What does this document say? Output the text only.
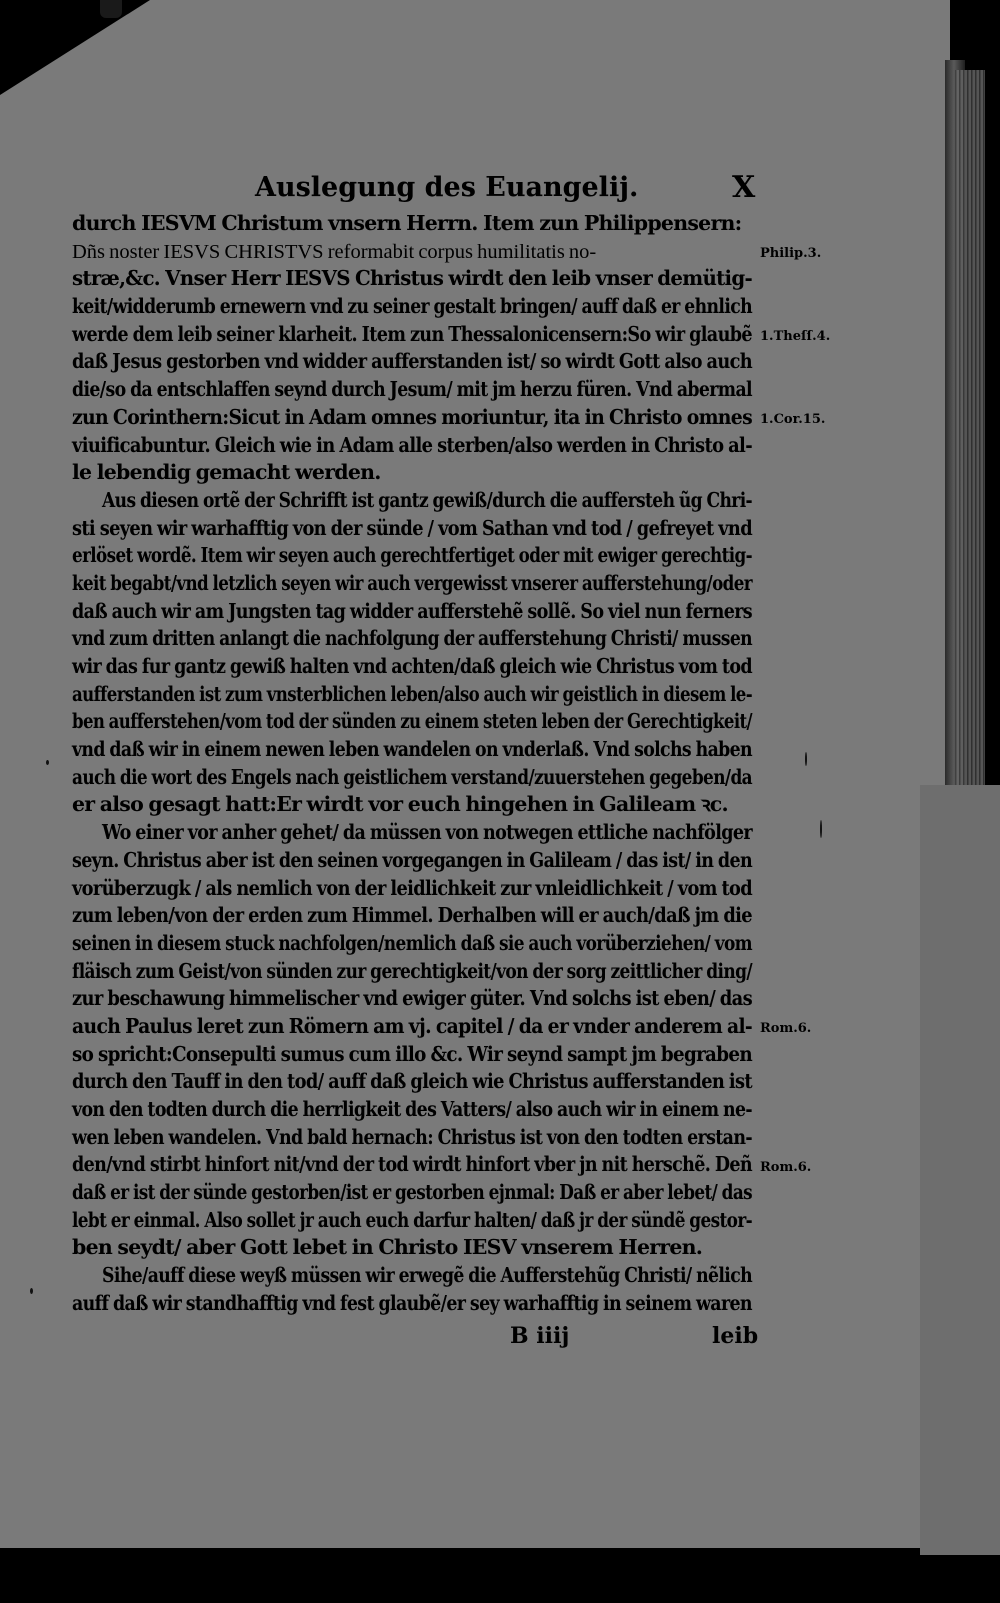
Auslegung des Euangelij.	X
durch IESVM Christum vnsern Herrn. Item zun Philippensern:
Dñs noster IESVS CHRISTVS reformabit corpus humilitatis no-
stræ,&c. Vnser Herr IESVS Christus wirdt den leib vnser demütig-
keit/widderumb ernewern vnd zu seiner gestalt bringen/ auff daß er ehnlich
werde dem leib seiner klarheit. Item zun Thessalonicensern:So wir glaubẽ
daß Jesus gestorben vnd widder aufferstanden ist/ so wirdt Gott also auch
die/so da entschlaffen seynd durch Jesum/ mit jm herzu füren. Vnd abermal
zun Corinthern:Sicut in Adam omnes moriuntur, ita in Christo omnes
viuificabuntur. Gleich wie in Adam alle sterben/also werden in Christo al-
le lebendig gemacht werden.
Aus diesen ortẽ der Schrifft ist gantz gewiß/durch die auffersteh ũg Chri-
sti seyen wir warhafftig von der sünde / vom Sathan vnd tod / gefreyet vnd
erlöset wordẽ. Item wir seyen auch gerechtfertiget oder mit ewiger gerechtig-
keit begabt/vnd letzlich seyen wir auch vergewisst vnserer aufferstehung/oder
daß auch wir am Jungsten tag widder aufferstehẽ sollẽ. So viel nun ferners
vnd zum dritten anlangt die nachfolgung der aufferstehung Christi/ mussen
wir das fur gantz gewiß halten vnd achten/daß gleich wie Christus vom tod
aufferstanden ist zum vnsterblichen leben/also auch wir geistlich in diesem le-
ben aufferstehen/vom tod der sünden zu einem steten leben der Gerechtigkeit/
vnd daß wir in einem newen leben wandelen on vnderlaß. Vnd solchs haben
auch die wort des Engels nach geistlichem verstand/zuuerstehen gegeben/da
er also gesagt hatt:Er wirdt vor euch hingehen in Galileam ꝛc.
Wo einer vor anher gehet/ da müssen von notwegen ettliche nachfölger
seyn. Christus aber ist den seinen vorgegangen in Galileam / das ist/ in den
vorüberzugk / als nemlich von der leidlichkeit zur vnleidlichkeit / vom tod
zum leben/von der erden zum Himmel. Derhalben will er auch/daß jm die
seinen in diesem stuck nachfolgen/nemlich daß sie auch vorüberziehen/ vom
fläisch zum Geist/von sünden zur gerechtigkeit/von der sorg zeittlicher ding/
zur beschawung himmelischer vnd ewiger güter. Vnd solchs ist eben/ das
auch Paulus leret zun Römern am vj. capitel / da er vnder anderem al-
so spricht:Consepulti sumus cum illo &c. Wir seynd sampt jm begraben
durch den Tauff in den tod/ auff daß gleich wie Christus aufferstanden ist
von den todten durch die herrligkeit des Vatters/ also auch wir in einem ne-
wen leben wandelen. Vnd bald hernach: Christus ist von den todten erstan-
den/vnd stirbt hinfort nit/vnd der tod wirdt hinfort vber jn nit herschẽ. Deñ
daß er ist der sünde gestorben/ist er gestorben ejnmal: Daß er aber lebet/ das
lebt er einmal. Also sollet jr auch euch darfur halten/ daß jr der sündẽ gestor-
ben seydt/ aber Gott lebet in Christo IESV vnserem Herren.
Sihe/auff diese weyß müssen wir erwegẽ die Aufferstehũg Christi/ nẽlich
auff daß wir standhafftig vnd fest glaubẽ/er sey warhafftig in seinem waren
Philip.3.
1.Theſſ.4.
1.Cor.15.
Rom.6.
Rom.6.
B iiij	leib
